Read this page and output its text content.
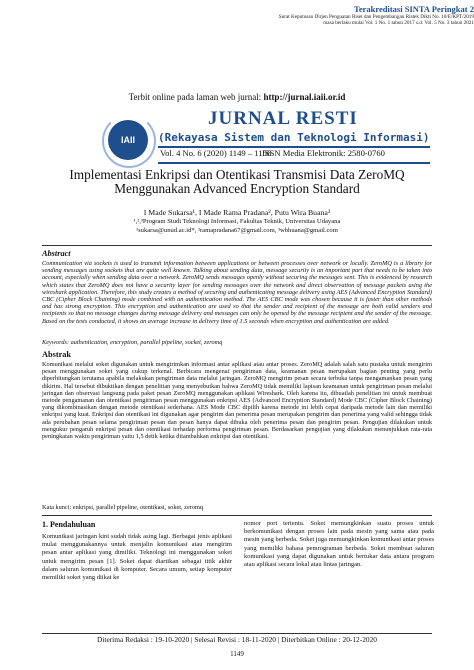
Terakreditasi SINTA Peringkat 2
Surat Keputusan Dirjen Penguatan Riset dan Pengembangan Ristek Dikti No. 10/E/KPT/2019
masa berlaku mulai Vol. 1 No. 1 tahun 2017 s.d. Vol. 5 No. 3 tahun 2021
Terbit online pada laman web jurnal: http://jurnal.iaii.or.id
IAII
JURNAL RESTI
(Rekayasa Sistem dan Teknologi Informasi)
Vol. 4 No. 6 (2020) 1149 – 1156
ISSN Media Elektronik: 2580-0760
Implementasi Enkripsi dan Otentikasi Transmisi Data ZeroMQ
Menggunakan Advanced Encryption Standard
I Made Sukarsa¹, I Made Rama Pradana², Putu Wira Buana³
¹,²,³Program Studi Teknologi Informasi, Fakultas Teknik, Universitas Udayana
¹sukarsa@unud.ac.id*, ²ramapradana67@gmail.com, ³wbhuana@gmail.com
Abstract
Communication via sockets is used to transmit information between applications or between processes over network or locally. ZeroMQ is a library for sending messages using sockets that are quite well known. Talking about sending data, message security is an important part that needs to be taken into account, especially when sending data over a network. ZeroMQ sends messages openly without securing the messages sent. This is evidenced by research which states that ZeroMQ does not have a security layer for sending messages over the network and direct observation of message packets using the wireshark application. Therefore, this study creates a method of securing and authenticating message delivery using AES (Advanced Encryption Standard) CBC (Cipher Block Chaining) mode combined with an authentication method. The AES CBC mode was chosen because it is faster than other methods and has strong encryption. This encryption and authentication are used so that the sender and recipient of the message are both valid senders and recipients so that no message changes during message delivery and messages can only be opened by the message recipient and the sender of the message. Based on the tests conducted, it shows an average increase in delivery time of 1.5 seconds when encryption and authentication are added.
Keywords: authentication, encryption, parallel pipeline, socket, zeromq
Abstrak
Komunikasi melalui soket digunakan untuk mengirimkan informasi antar aplikasi atau antar proses. ZeroMQ adalah salah satu pustaka untuk mengirim pesan menggunakan soket yang cukup terkenal. Berbicara mengenai pengiriman data, keamanan pesan merupakan bagian penting yang perlu diperhitungkan terutama apabila melakukan pengiriman data melalui jaringan. ZeroMQ mengirim pesan secara terbuka tanpa mengamankan pesan yang dikirim. Hal tersebut dibuktikan dengan penelitian yang menyebutkan bahwa ZeroMQ tidak memiliki lapisan keamanan untuk pengiriman pesan melalui jaringan dan observasi langsung pada paket pesan ZeroMQ menggunakan aplikasi Wireshark. Oleh karena itu, dibuatlah penelitian ini untuk membuat metode pengamanan dan otentikasi pengiriman pesan menggunakan enkripsi AES (Advanced Encryption Standard) Mode CBC (Cipher Block Chaining) yang dikombinasikan dengan metode otentikasi sederhana. AES Mode CBC dipilih karena metode ini lebih cepat daripada metode lain dan memiliki enkripsi yang kuat. Enkripsi dan otentikasi ini digunakan agar pengirim dan penerima pesan merupakan pengirim dan penerima yang valid sehingga tidak ada perubahan pesan selama pengiriman pesan dan pesan hanya dapat dibuka oleh penerima pesan dan pengirim pesan. Pengujian dilakukan untuk mengukur pengaruh enkripsi pesan dan otentikasi terhadap performa pengiriman pesan. Berdasarkan pengujian yang dilakukan menunjukkan rata-rata peningkatan waktu pengiriman yaitu 1,5 detik ketika ditambahkan enkripsi dan otentikasi.
Kata kunci: enkripsi, parallel pipeline, otentikasi, soket, zeromq
1. Pendahuluan
Komunikasi jaringan kini sudah tidak asing lagi. Berbagai jenis aplikasi mulai menggunakannya untuk menjalin komunikasi atau mengirim pesan antar aplikasi yang dimiliki. Teknologi ini menggunakan soket untuk mengirim pesan [1]. Soket dapat diartikan sebagai titik akhir dalam saluran komunikasi di komputer. Secara umum, setiap komputer memiliki soket yang diikat ke
nomor port tertentu. Soket memungkinkan suatu proses untuk berkomunikasi dengan proses lain pada mesin yang sama atau pada mesin yang berbeda. Soket juga memungkinkan komunikasi antar proses yang memiliki bahasa pemrograman berbeda. Soket membuat saluran komunikasi yang dapat digunakan untuk bertukar data antara program atau aplikasi secara lokal atau lintas jaringan.
Diterima Redaksi : 19-10-2020 | Selesai Revisi : 18-11-2020 | Diterbitkan Online : 20-12-2020
1149
